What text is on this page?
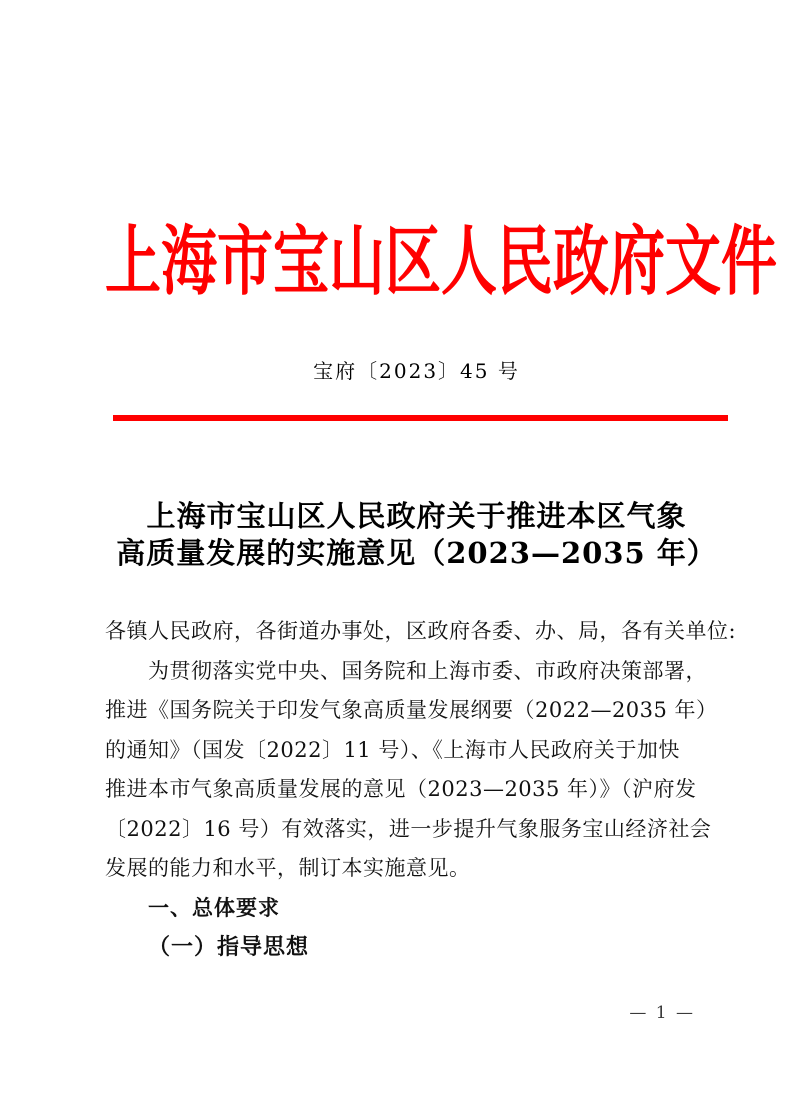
上海市宝山区人民政府文件
宝府〔2023〕45 号
上海市宝山区人民政府关于推进本区气象
高质量发展的实施意见（2023—2035 年）
各镇人民政府，各街道办事处，区政府各委、办、局，各有关单位:
为贯彻落实党中央、国务院和上海市委、市政府决策部署，
推进《国务院关于印发气象高质量发展纲要（2022—2035 年）
的通知》（国发〔2022〕11 号）、《上海市人民政府关于加快
推进本市气象高质量发展的意见（2023—2035 年）》（沪府发
〔2022〕16 号）有效落实，进一步提升气象服务宝山经济社会
发展的能力和水平，制订本实施意见。
一、总体要求
（一）指导思想
— 1 —
